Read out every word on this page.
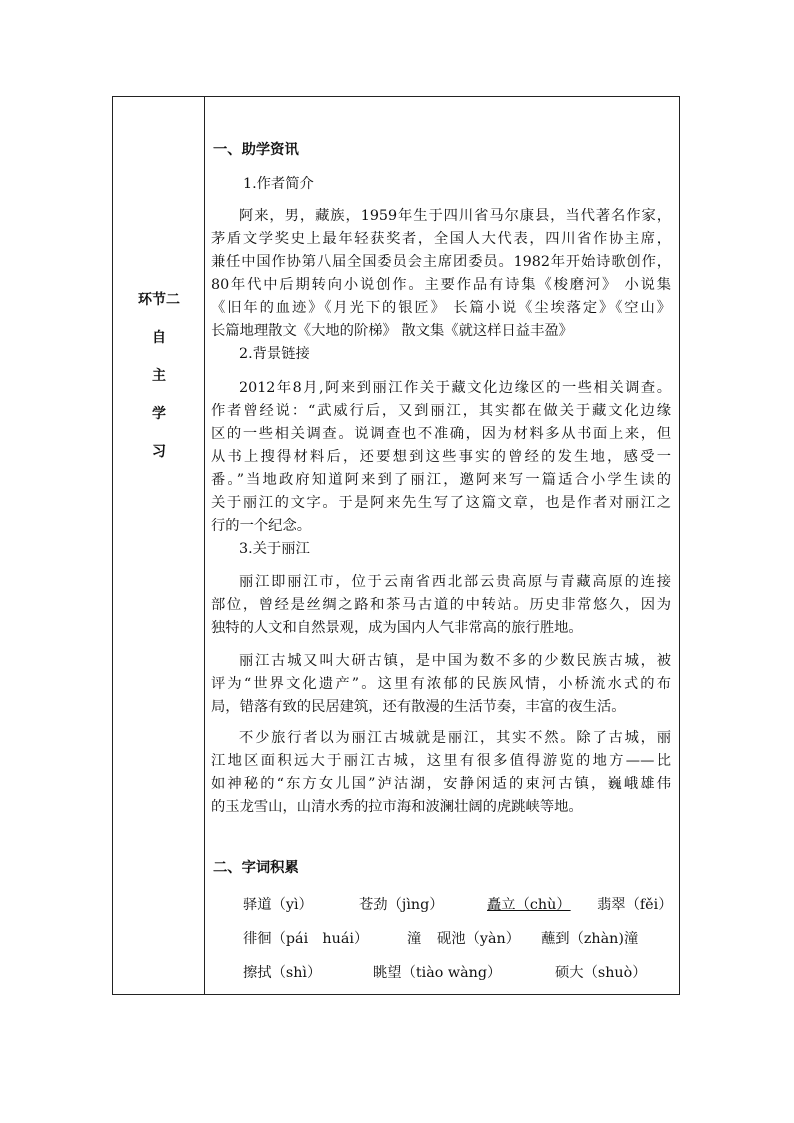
环节二
自
主
学
习
一、助学资讯
1.作者简介
阿来，男，藏族，1959年生于四川省马尔康县，当代著名作家，
茅盾文学奖史上最年轻获奖者，全国人大代表，四川省作协主席，
兼任中国作协第八届全国委员会主席团委员。1982年开始诗歌创作，
80年代中后期转向小说创作。主要作品有诗集《梭磨河》 小说集
《旧年的血迹》《月光下的银匠》 长篇小说《尘埃落定》《空山》
长篇地理散文《大地的阶梯》 散文集《就这样日益丰盈》
2.背景链接
2012年8月,阿来到丽江作关于藏文化边缘区的一些相关调查。
作者曾经说：“武威行后，又到丽江，其实都在做关于藏文化边缘
区的一些相关调查。说调查也不准确，因为材料多从书面上来，但
从书上搜得材料后，还要想到这些事实的曾经的发生地，感受一
番。”当地政府知道阿来到了丽江，邀阿来写一篇适合小学生读的
关于丽江的文字。于是阿来先生写了这篇文章，也是作者对丽江之
行的一个纪念。
3.关于丽江
丽江即丽江市，位于云南省西北部云贵高原与青藏高原的连接
部位，曾经是丝绸之路和茶马古道的中转站。历史非常悠久，因为
独特的人文和自然景观，成为国内人气非常高的旅行胜地。
丽江古城又叫大研古镇，是中国为数不多的少数民族古城，被
评为“世界文化遗产”。这里有浓郁的民族风情，小桥流水式的布
局，错落有致的民居建筑，还有散漫的生活节奏，丰富的夜生活。
不少旅行者以为丽江古城就是丽江，其实不然。除了古城，丽
江地区面积远大于丽江古城，这里有很多值得游览的地方——比
如神秘的“东方女儿国”泸沽湖，安静闲适的束河古镇，巍峨雄伟
的玉龙雪山，山清水秀的拉市海和波澜壮阔的虎跳峡等地。
二、字词积累
驿道（yì）	苍劲（jìng）	矗立（chù） 翡翠（fěi）
徘徊（pái　huái）	潼 砚池（yàn） 蘸到（zhàn)潼
擦拭（shì）	眺望（tiào wàng）	硕大（shuò）
